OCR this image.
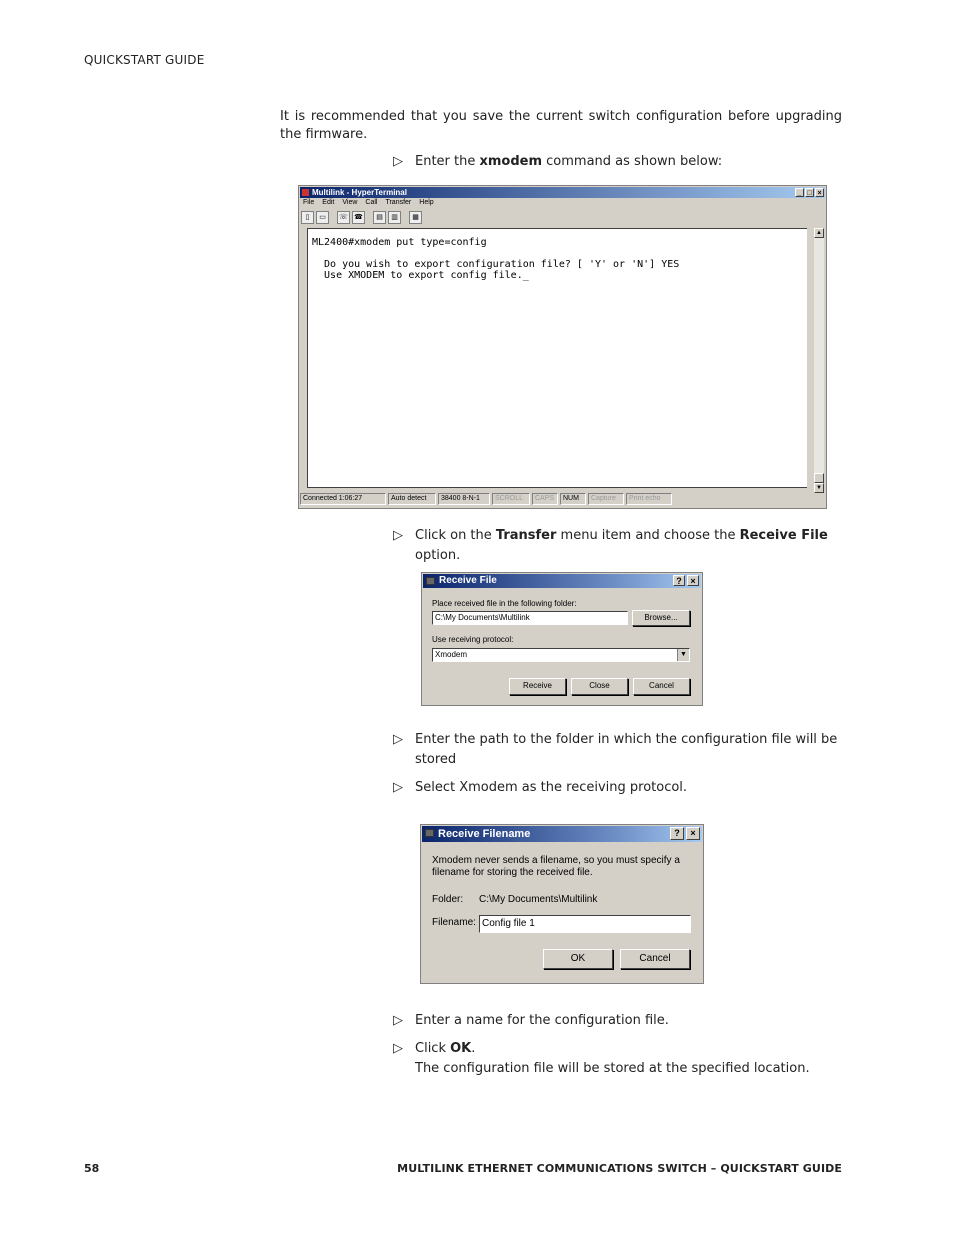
QUICKSTART GUIDE
It is recommended that you save the current switch configuration before upgrading the firmware.
▷ Enter the xmodem command as shown below:
Multilink - HyperTerminal	_ □ ×
File Edit View Call Transfer Help
▯	▭	☏ ☎	▤	▥	▦
ML2400#xmodem put type=config
Do you wish to export configuration file? [ 'Y' or 'N'] YES
Use XMODEM to export config file._
▲
▼
Connected 1:06:27	Auto detect	38400 8-N-1	SCROLL	CAPS	NUM	Capture	Print echo
▷ Click on the Transfer menu item and choose the Receive File option.
Receive File	? ×
Place received file in the following folder:
C:\My Documents\Multilink	Browse...
Use receiving protocol:
Xmodem	▼
Receive	Close	Cancel
▷ Enter the path to the folder in which the configuration file will be stored
▷ Select Xmodem as the receiving protocol.
Receive Filename	?	×
Xmodem never sends a filename, so you must specify a filename for storing the received file.
Folder: C:\My Documents\Multilink
Filename: Config file 1
OK	Cancel
▷ Enter a name for the configuration file.
▷ Click OK.
The configuration file will be stored at the specified location.
58	MULTILINK ETHERNET COMMUNICATIONS SWITCH – QUICKSTART GUIDE
